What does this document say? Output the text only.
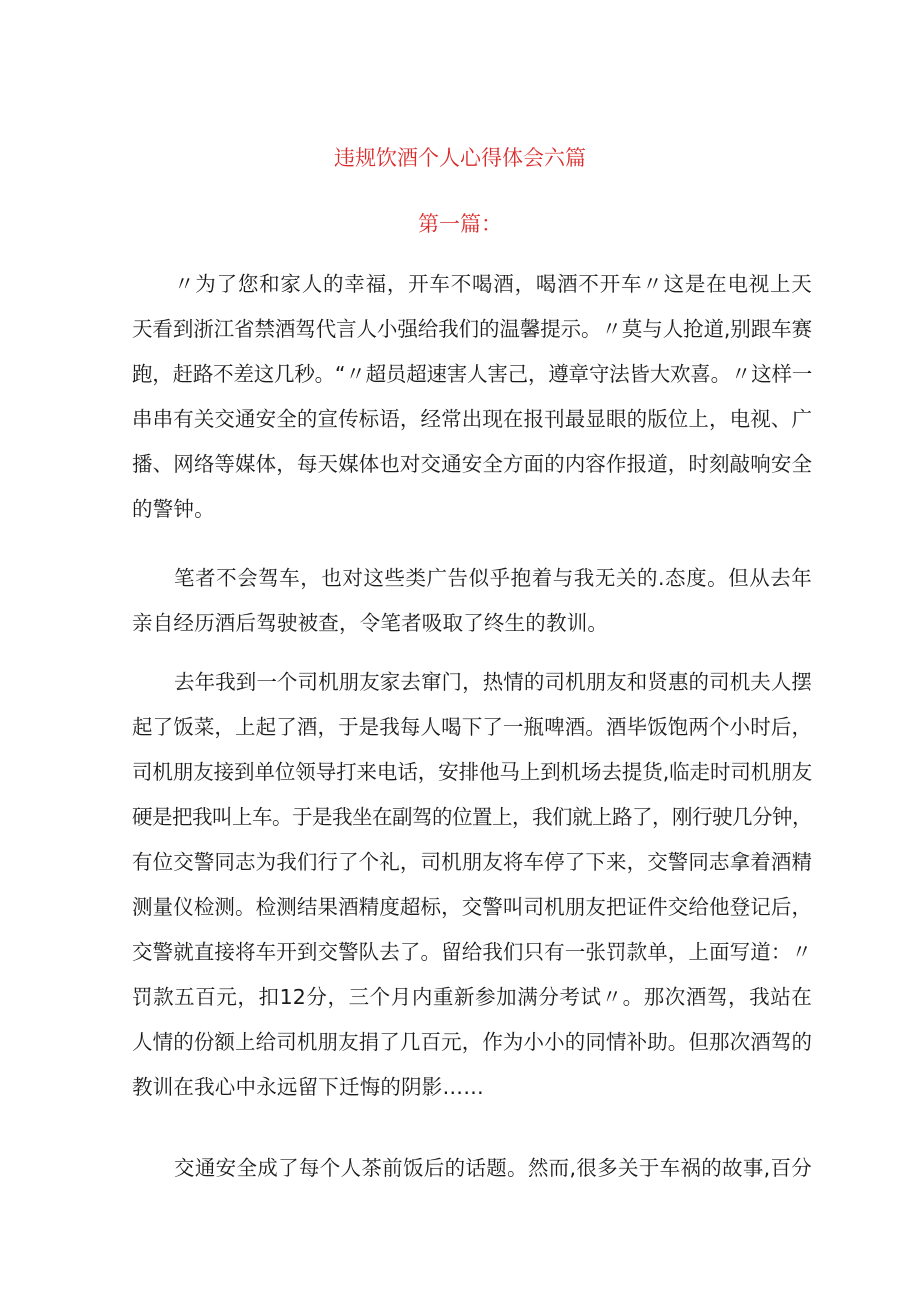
违规饮酒个人心得体会六篇
第一篇：
〃为了您和家人的幸福，开车不喝酒，喝酒不开车〃这是在电视上天
天看到浙江省禁酒驾代言人小强给我们的温馨提示。〃莫与人抢道,别跟车赛
跑，赶路不差这几秒。“〃超员超速害人害己，遵章守法皆大欢喜。〃这样一
串串有关交通安全的宣传标语，经常出现在报刊最显眼的版位上，电视、广
播、网络等媒体，每天媒体也对交通安全方面的内容作报道，时刻敲响安全
的警钟。
笔者不会驾车，也对这些类广告似乎抱着与我无关的.态度。但从去年
亲自经历酒后驾驶被查，令笔者吸取了终生的教训。
去年我到一个司机朋友家去窜门，热情的司机朋友和贤惠的司机夫人摆
起了饭菜，上起了酒，于是我每人喝下了一瓶啤酒。酒毕饭饱两个小时后，
司机朋友接到单位领导打来电话，安排他马上到机场去提货,临走时司机朋友
硬是把我叫上车。于是我坐在副驾的位置上，我们就上路了，刚行驶几分钟，
有位交警同志为我们行了个礼，司机朋友将车停了下来，交警同志拿着酒精
测量仪检测。检测结果酒精度超标，交警叫司机朋友把证件交给他登记后，
交警就直接将车开到交警队去了。留给我们只有一张罚款单，上面写道：〃
罚款五百元，扣12分，三个月内重新参加满分考试〃。那次酒驾，我站在
人情的份额上给司机朋友捐了几百元，作为小小的同情补助。但那次酒驾的
教训在我心中永远留下迁悔的阴影……
交通安全成了每个人茶前饭后的话题。然而,很多关于车祸的故事,百分
